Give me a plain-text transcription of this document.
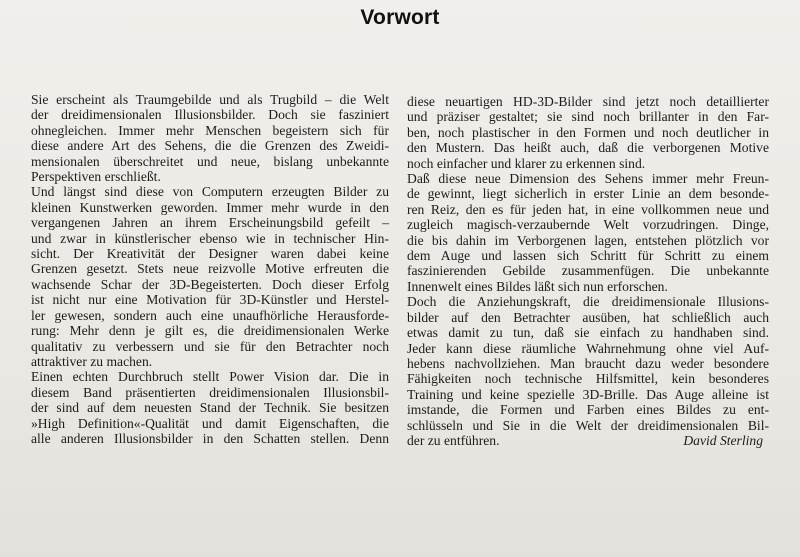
Vorwort
Sie erscheint als Traumgebilde und als Trugbild – die Welt
der dreidimensionalen Illusionsbilder. Doch sie fasziniert
ohnegleichen. Immer mehr Menschen begeistern sich für
diese andere Art des Sehens, die die Grenzen des Zweidi-
mensionalen überschreitet und neue, bislang unbekannte
Perspektiven erschließt.
Und längst sind diese von Computern erzeugten Bilder zu
kleinen Kunstwerken geworden. Immer mehr wurde in den
vergangenen Jahren an ihrem Erscheinungsbild gefeilt –
und zwar in künstlerischer ebenso wie in technischer Hin-
sicht. Der Kreativität der Designer waren dabei keine
Grenzen gesetzt. Stets neue reizvolle Motive erfreuten die
wachsende Schar der 3D-Begeisterten. Doch dieser Erfolg
ist nicht nur eine Motivation für 3D-Künstler und Herstel-
ler gewesen, sondern auch eine unaufhörliche Herausforde-
rung: Mehr denn je gilt es, die dreidimensionalen Werke
qualitativ zu verbessern und sie für den Betrachter noch
attraktiver zu machen.
Einen echten Durchbruch stellt Power Vision dar. Die in
diesem Band präsentierten dreidimensionalen Illusionsbil-
der sind auf dem neuesten Stand der Technik. Sie besitzen
»High Definition«-Qualität und damit Eigenschaften, die
alle anderen Illusionsbilder in den Schatten stellen. Denn
diese neuartigen HD-3D-Bilder sind jetzt noch detaillierter
und präziser gestaltet; sie sind noch brillanter in den Far-
ben, noch plastischer in den Formen und noch deutlicher in
den Mustern. Das heißt auch, daß die verborgenen Motive
noch einfacher und klarer zu erkennen sind.
Daß diese neue Dimension des Sehens immer mehr Freun-
de gewinnt, liegt sicherlich in erster Linie an dem besonde-
ren Reiz, den es für jeden hat, in eine vollkommen neue und
zugleich magisch-verzaubernde Welt vorzudringen. Dinge,
die bis dahin im Verborgenen lagen, entstehen plötzlich vor
dem Auge und lassen sich Schritt für Schritt zu einem
faszinierenden Gebilde zusammenfügen. Die unbekannte
Innenwelt eines Bildes läßt sich nun erforschen.
Doch die Anziehungskraft, die dreidimensionale Illusions-
bilder auf den Betrachter ausüben, hat schließlich auch
etwas damit zu tun, daß sie einfach zu handhaben sind.
Jeder kann diese räumliche Wahrnehmung ohne viel Auf-
hebens nachvollziehen. Man braucht dazu weder besondere
Fähigkeiten noch technische Hilfsmittel, kein besonderes
Training und keine spezielle 3D-Brille. Das Auge alleine ist
imstande, die Formen und Farben eines Bildes zu ent-
schlüsseln und Sie in die Welt der dreidimensionalen Bil-
der zu entführen.	David Sterling
